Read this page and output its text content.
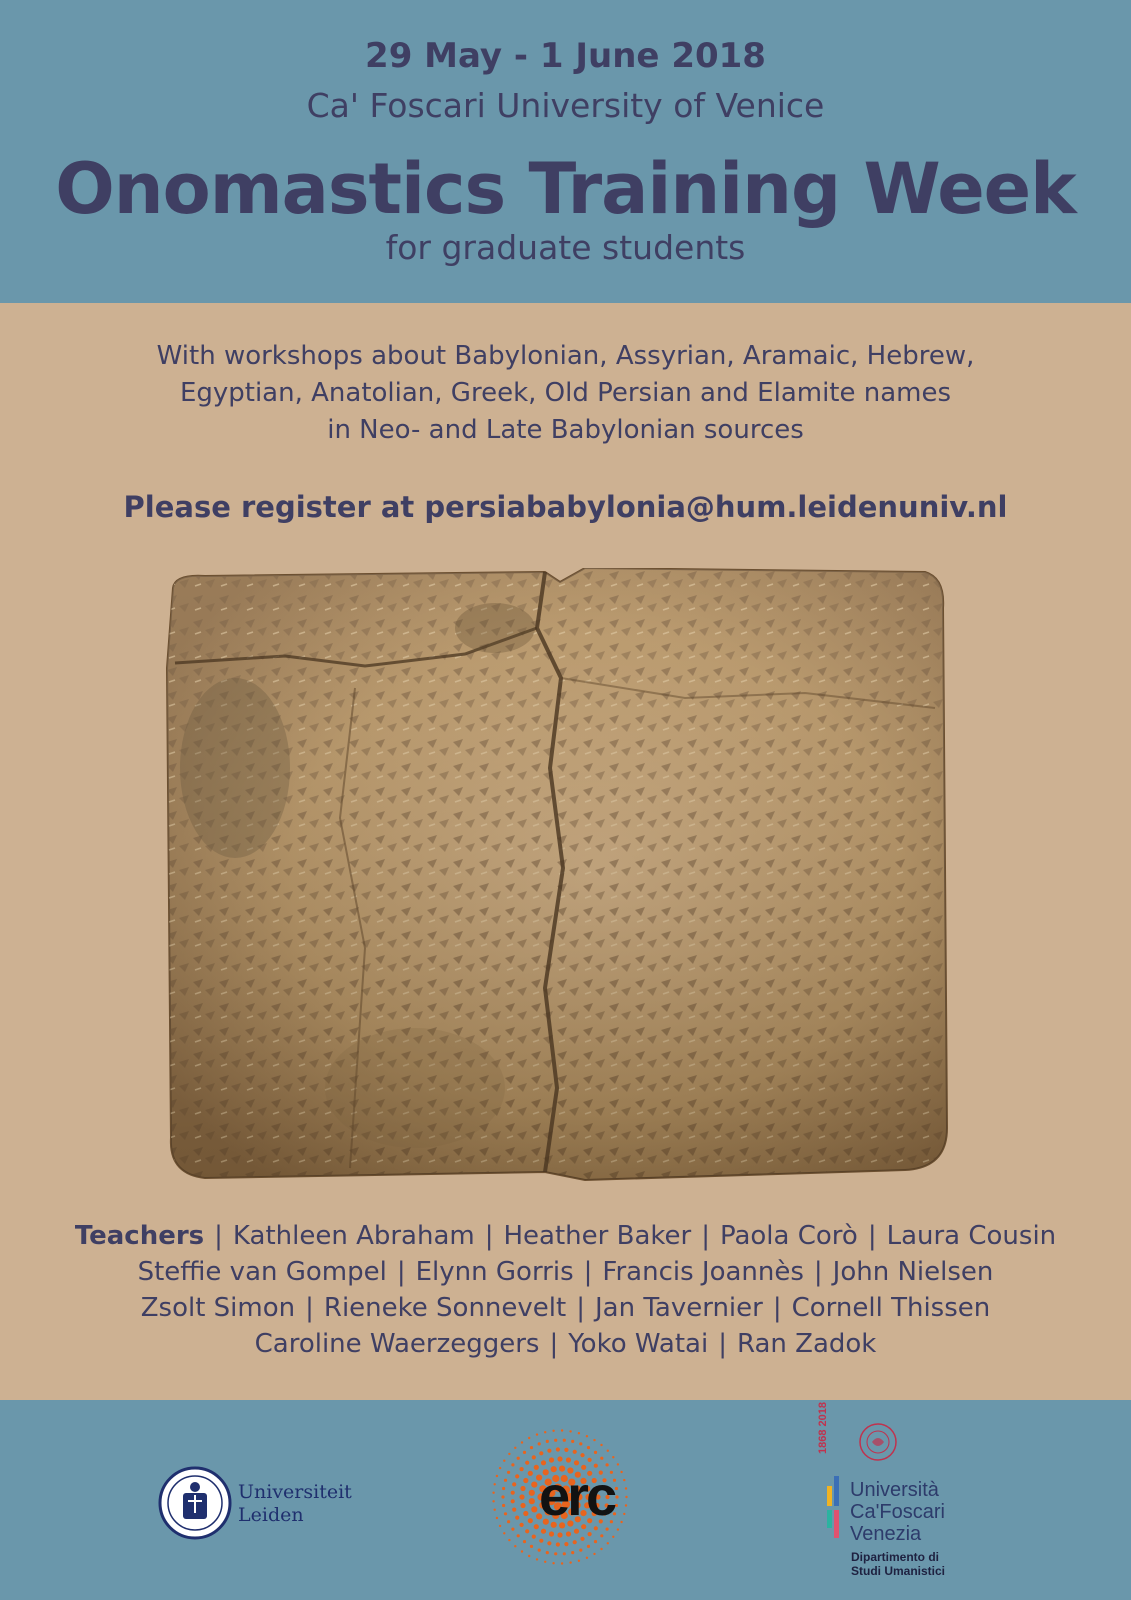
29 May - 1 June 2018
Ca' Foscari University of Venice
Onomastics Training Week
for graduate students
With workshops about Babylonian, Assyrian, Aramaic, Hebrew,
Egyptian, Anatolian, Greek, Old Persian and Elamite names
in Neo- and Late Babylonian sources
Please register at persiababylonia@hum.leidenuniv.nl
Teachers | Kathleen Abraham | Heather Baker | Paola Corò | Laura Cousin
Steffie van Gompel | Elynn Gorris | Francis Joannès | John Nielsen
Zsolt Simon | Rieneke Sonnevelt | Jan Tavernier | Cornell Thissen
Caroline Waerzeggers | Yoko Watai | Ran Zadok
Universiteit
Leiden	erc
1868 2018
Università
Ca'Foscari
Venezia
Dipartimento di
Studi Umanistici
